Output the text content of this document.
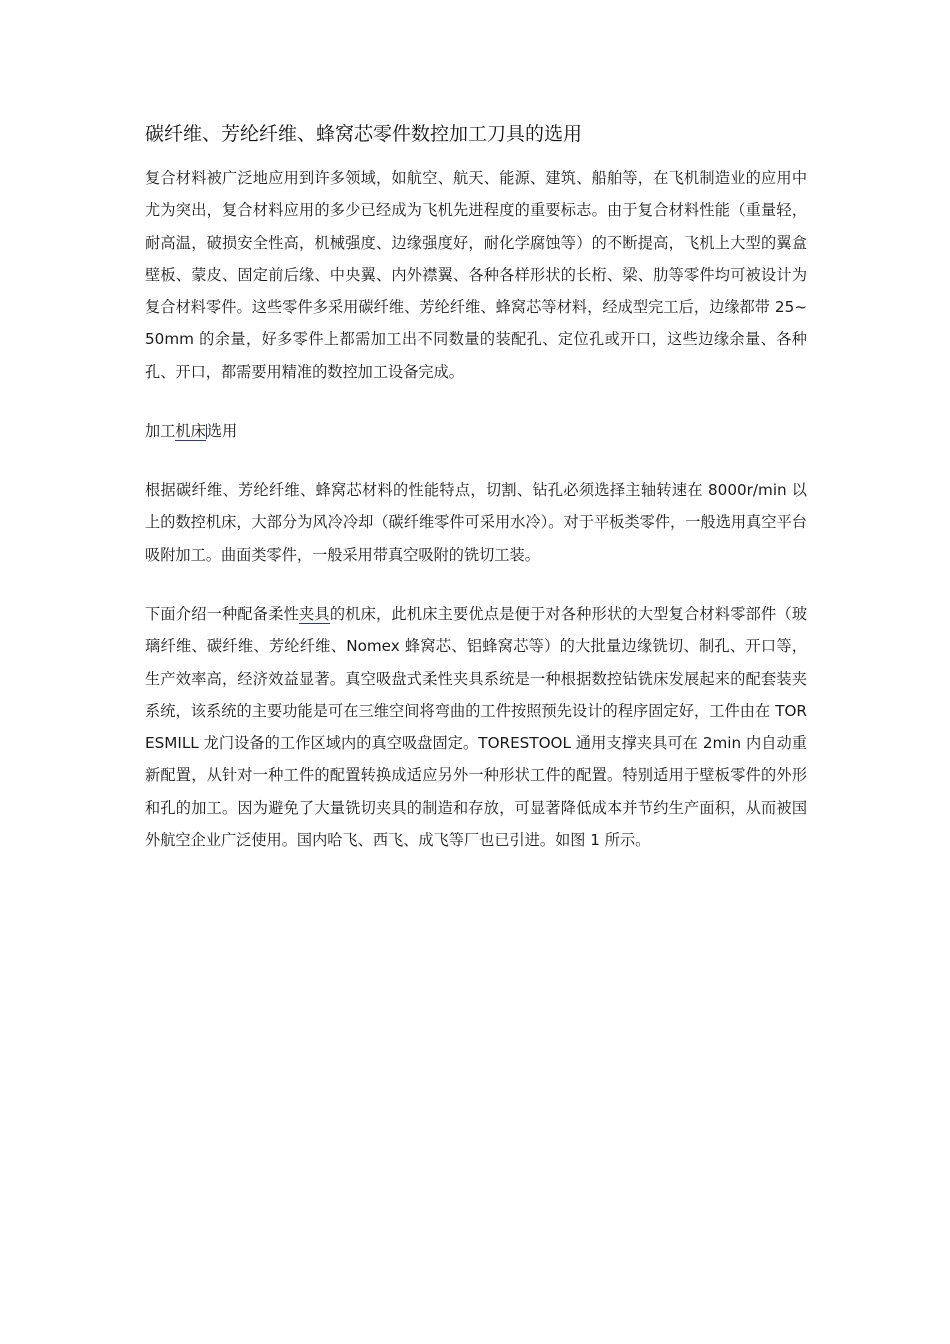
碳纤维、芳纶纤维、蜂窝芯零件数控加工刀具的选用

复合材料被广泛地应用到许多领域，如航空、航天、能源、建筑、船舶等，在飞机制造业的应用中尤为突出，复合材料应用的多少已经成为飞机先进程度的重要标志。由于复合材料性能（重量轻，耐高温，破损安全性高，机械强度、边缘强度好，耐化学腐蚀等）的不断提高，飞机上大型的翼盒壁板、蒙皮、固定前后缘、中央翼、内外襟翼、各种各样形状的长桁、梁、肋等零件均可被设计为复合材料零件。这些零件多采用碳纤维、芳纶纤维、蜂窝芯等材料，经成型完工后，边缘都带 25~50mm 的余量，好多零件上都需加工出不同数量的装配孔、定位孔或开口，这些边缘余量、各种孔、开口，都需要用精准的数控加工设备完成。

加工机床选用

根据碳纤维、芳纶纤维、蜂窝芯材料的性能特点，切割、钻孔必须选择主轴转速在 8000r/min 以上的数控机床，大部分为风冷冷却（碳纤维零件可采用水冷）。对于平板类零件，一般选用真空平台吸附加工。曲面类零件，一般采用带真空吸附的铣切工装。

下面介绍一种配备柔性夹具的机床，此机床主要优点是便于对各种形状的大型复合材料零部件（玻璃纤维、碳纤维、芳纶纤维、Nomex 蜂窝芯、铝蜂窝芯等）的大批量边缘铣切、制孔、开口等，生产效率高，经济效益显著。真空吸盘式柔性夹具系统是一种根据数控钻铣床发展起来的配套装夹系统，该系统的主要功能是可在三维空间将弯曲的工件按照预先设计的程序固定好，工件由在 TORESMILL 龙门设备的工作区域内的真空吸盘固定。TORESTOOL 通用支撑夹具可在 2min 内自动重新配置，从针对一种工件的配置转换成适应另外一种形状工件的配置。特别适用于壁板零件的外形和孔的加工。因为避免了大量铣切夹具的制造和存放，可显著降低成本并节约生产面积，从而被国外航空企业广泛使用。国内哈飞、西飞、成飞等厂也已引进。如图 1 所示。
